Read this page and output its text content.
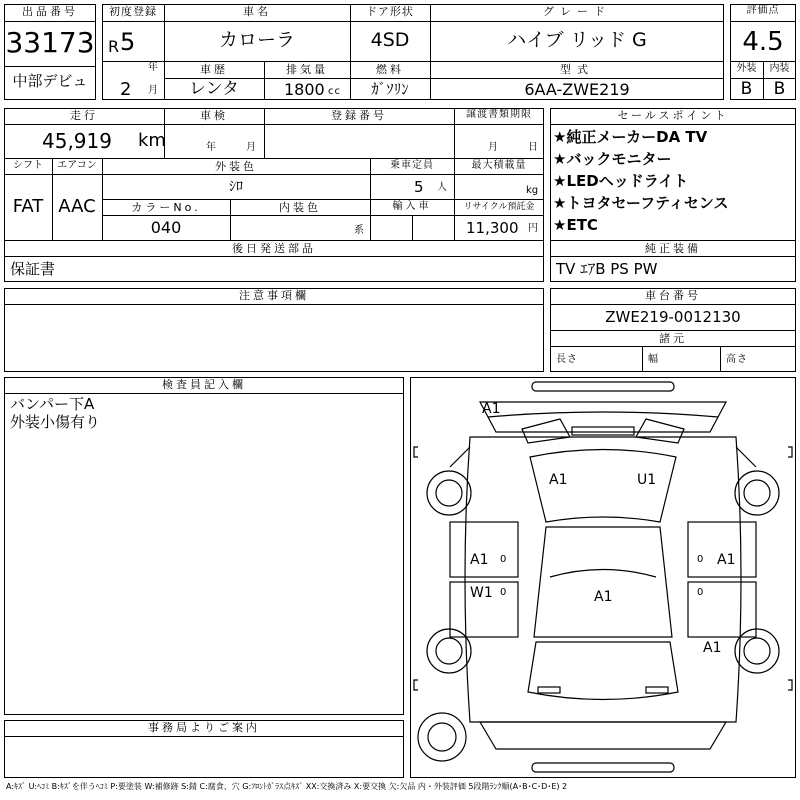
出品番号
33173
中部デビュ
初度登録
R 5
年
2 月
車名
カローラ
車歴
レンタ
排気量
1800 cc
ドア形状
4SD
燃料
ｶﾞｿﾘﾝ
グレード
ハイブ リッド G
型式
6AA-ZWE219
評価点
4.5
外装	内装
B	B
走行
45,919 km
車検
年	月
登録番号	譲渡書類期限
月	日
シフト
FAT
エアコン
AAC
外装色
ｼﾛ
乗車定員
5 人
最大積載量
kg
カラーNo.
040
内装色
系
輸入車	リサイクル預託金
11,300 円
後日発送部品
保証書
セールスポイント
★純正メーカーDA TV
★バックモニター
★LEDヘッドライト
★トヨタセーフティセンス
★ETC
純正装備
TV ｴｱB PS PW
注意事項欄	車台番号
ZWE219-0012130
諸元
長さ	幅	高さ
検査員記入欄
バンパー下A
外装小傷有り
事務局よりご案内
A1
A1	U1
A1	A1
W1	A1
A1
0
0
0
0
A:ｷｽﾞ U:ﾍｺﾐ B:ｷｽﾞを伴うﾍｺﾐ P:要塗装 W:補修跡 S:錆 C:腐食、穴 G:ﾌﾛﾝﾄｶﾞﾗｽ点ｷｽﾞ XX:交換済み X:要交換 欠:欠品 内・外装評価 5段階ﾗﾝｸ順(A･B･C･D･E) 2
